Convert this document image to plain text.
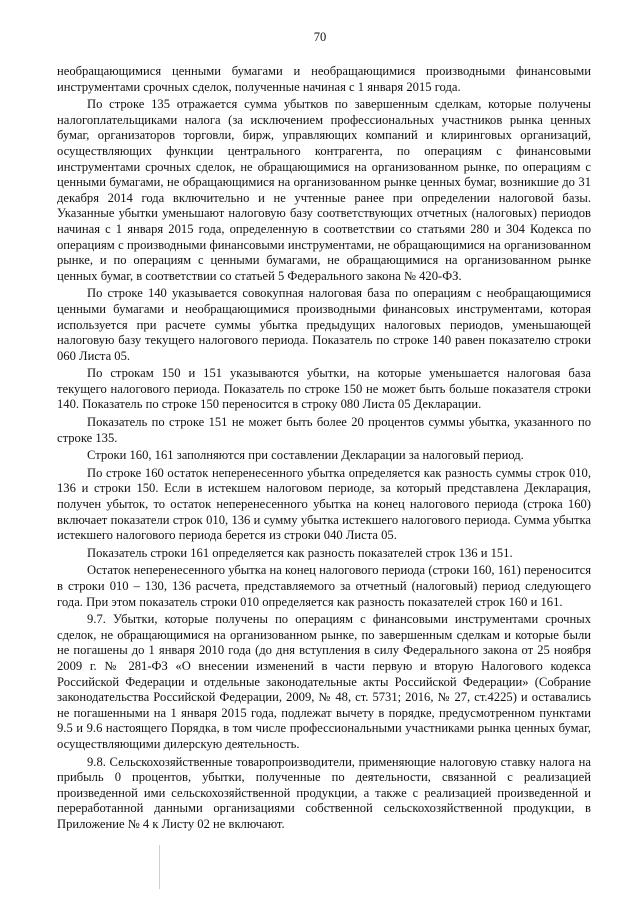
70

необращающимися ценными бумагами и необращающимися производными финансовыми инструментами срочных сделок, полученные начиная с 1 января 2015 года.

По строке 135 отражается сумма убытков по завершенным сделкам, которые получены налогоплательщиками налога (за исключением профессиональных участников рынка ценных бумаг, организаторов торговли, бирж, управляющих компаний и клиринговых организаций, осуществляющих функции центрального контрагента, по операциям с финансовыми инструментами срочных сделок, не обращающимися на организованном рынке, по операциям с ценными бумагами, не обращающимися на организованном рынке ценных бумаг, возникшие до 31 декабря 2014 года включительно и не учтенные ранее при определении налоговой базы. Указанные убытки уменьшают налоговую базу соответствующих отчетных (налоговых) периодов начиная с 1 января 2015 года, определенную в соответствии со статьями 280 и 304 Кодекса по операциям с производными финансовыми инструментами, не обращающимися на организованном рынке, и по операциям с ценными бумагами, не обращающимися на организованном рынке ценных бумаг, в соответствии со статьей 5 Федерального закона № 420-ФЗ.

По строке 140 указывается совокупная налоговая база по операциям с необращающимися ценными бумагами и необращающимися производными финансовых инструментами, которая используется при расчете суммы убытка предыдущих налоговых периодов, уменьшающей налоговую базу текущего налогового периода. Показатель по строке 140 равен показателю строки 060 Листа 05.

По строкам 150 и 151 указываются убытки, на которые уменьшается налоговая база текущего налогового периода. Показатель по строке 150 не может быть больше показателя строки 140. Показатель по строке 150 переносится в строку 080 Листа 05 Декларации.

Показатель по строке 151 не может быть более 20 процентов суммы убытка, указанного по строке 135.

Строки 160, 161 заполняются при составлении Декларации за налоговый период.

По строке 160 остаток неперенесенного убытка определяется как разность суммы строк 010, 136 и строки 150. Если в истекшем налоговом периоде, за который представлена Декларация, получен убыток, то остаток неперенесенного убытка на конец налогового периода (строка 160) включает показатели строк 010, 136 и сумму убытка истекшего налогового периода. Сумма убытка истекшего налогового периода берется из строки 040 Листа 05.

Показатель строки 161 определяется как разность показателей строк 136 и 151.

Остаток неперенесенного убытка на конец налогового периода (строки 160, 161) переносится в строки 010 – 130, 136 расчета, представляемого за отчетный (налоговый) период следующего года. При этом показатель строки 010 определяется как разность показателей строк 160 и 161.

9.7. Убытки, которые получены по операциям с финансовыми инструментами срочных сделок, не обращающимися на организованном рынке, по завершенным сделкам и которые были не погашены до 1 января 2010 года (до дня вступления в силу Федерального закона от 25 ноября 2009 г. № 281-ФЗ «О внесении изменений в части первую и вторую Налогового кодекса Российской Федерации и отдельные законодательные акты Российской Федерации» (Собрание законодательства Российской Федерации, 2009, № 48, ст. 5731; 2016, № 27, ст.4225) и оставались не погашенными на 1 января 2015 года, подлежат вычету в порядке, предусмотренном пунктами 9.5 и 9.6 настоящего Порядка, в том числе профессиональными участниками рынка ценных бумаг, осуществляющими дилерскую деятельность.

9.8. Сельскохозяйственные товаропроизводители, применяющие налоговую ставку налога на прибыль 0 процентов, убытки, полученные по деятельности, связанной с реализацией произведенной ими сельскохозяйственной продукции, а также с реализацией произведенной и переработанной данными организациями собственной сельскохозяйственной продукции, в Приложение № 4 к Листу 02 не включают.
